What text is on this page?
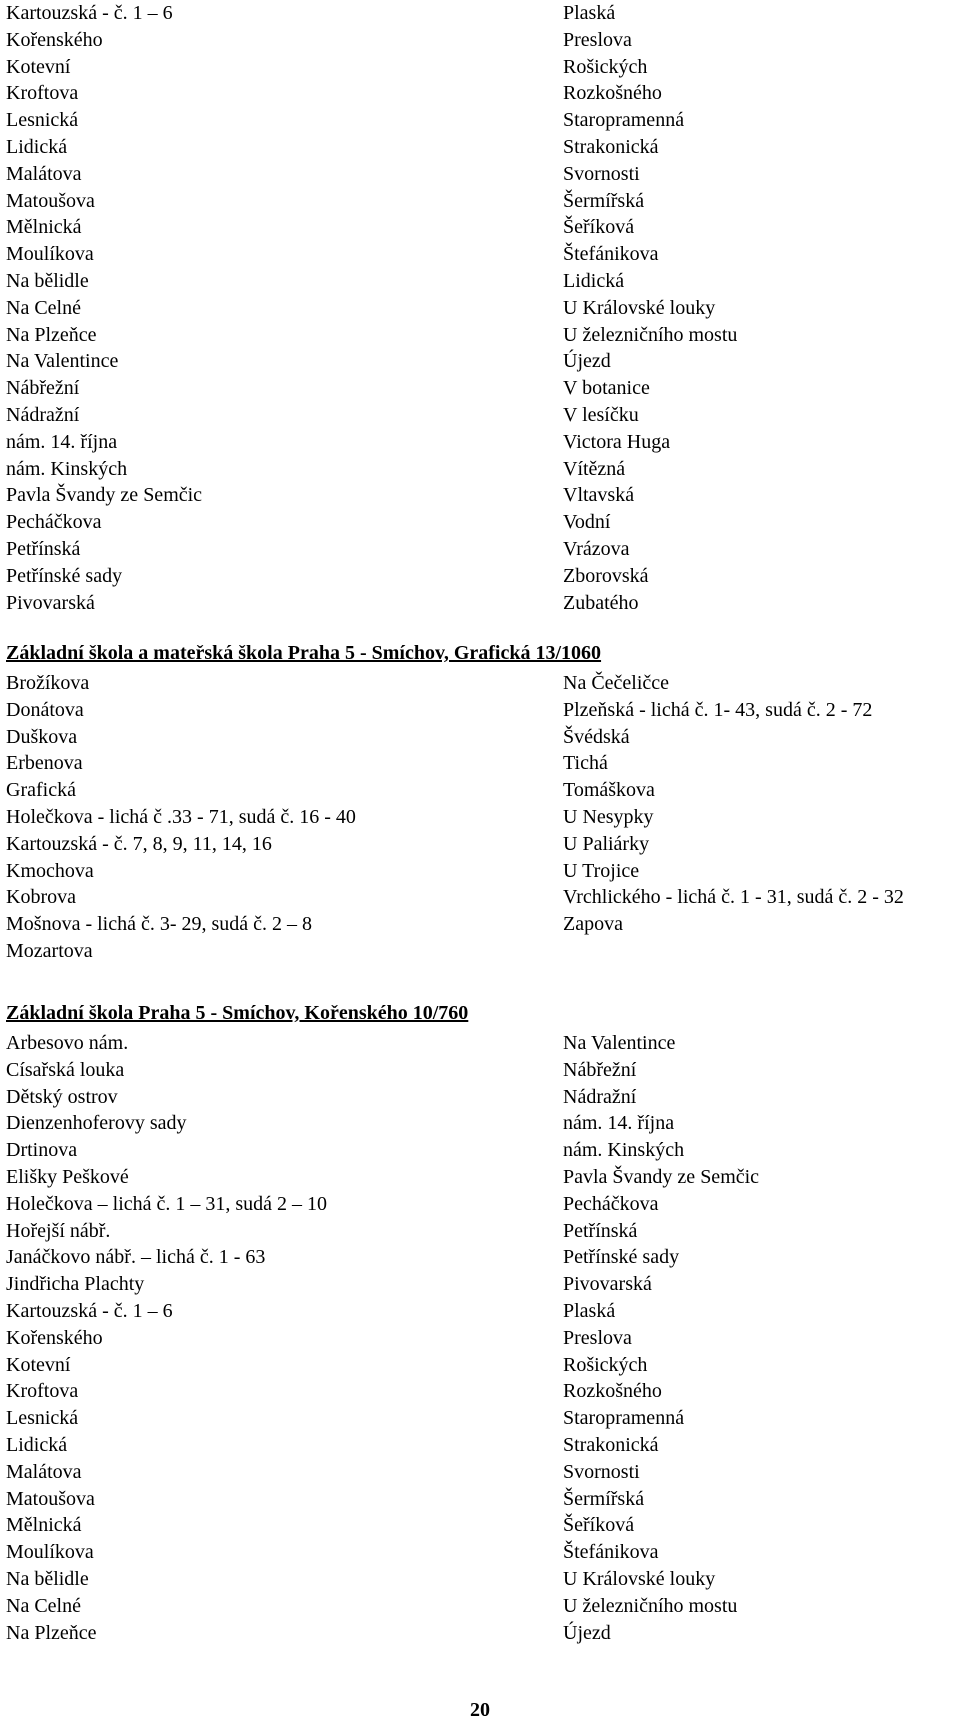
Kartouzská - č. 1 – 6
Kořenského
Kotevní
Kroftova
Lesnická
Lidická
Malátova
Matoušova
Mělnická
Moulíkova
Na bělidle
Na Celné
Na Plzeňce
Na Valentince
Nábřežní
Nádražní
nám. 14. října
nám. Kinských
Pavla Švandy ze Semčic
Pecháčkova
Petřínská
Petřínské sady
Pivovarská
Plaská
Preslova
Rošických
Rozkošného
Staropramenná
Strakonická
Svornosti
Šermířská
Šeříková
Štefánikova
Lidická
U Královské louky
U železničního mostu
Újezd
V botanice
V lesíčku
Victora Huga
Vítězná
Vltavská
Vodní
Vrázova
Zborovská
Zubatého
Základní škola a mateřská škola Praha 5 - Smíchov, Grafická 13/1060
Brožíkova
Donátova
Duškova
Erbenova
Grafická
Holečkova - lichá č .33 - 71, sudá č. 16 - 40
Kartouzská - č. 7, 8, 9, 11, 14, 16
Kmochova
Kobrova
Mošnova - lichá č. 3- 29, sudá č. 2 – 8
Mozartova
Na Čečeličce
Plzeňská - lichá č. 1- 43, sudá č. 2 - 72
Švédská
Tichá
Tomáškova
U Nesypky
U Paliárky
U Trojice
Vrchlického - lichá č. 1 - 31, sudá č. 2 - 32
Zapova
Základní škola Praha 5 - Smíchov, Kořenského 10/760
Arbesovo nám.
Císařská louka
Dětský ostrov
Dienzenhoferovy sady
Drtinova
Elišky Peškové
Holečkova – lichá č. 1 – 31, sudá 2 – 10
Hořejší nábř.
Janáčkovo nábř. – lichá č. 1 - 63
Jindřicha Plachty
Kartouzská - č. 1 – 6
Kořenského
Kotevní
Kroftova
Lesnická
Lidická
Malátova
Matoušova
Mělnická
Moulíkova
Na bělidle
Na Celné
Na Plzeňce
Na Valentince
Nábřežní
Nádražní
nám. 14. října
nám. Kinských
Pavla Švandy ze Semčic
Pecháčkova
Petřínská
Petřínské sady
Pivovarská
Plaská
Preslova
Rošických
Rozkošného
Staropramenná
Strakonická
Svornosti
Šermířská
Šeříková
Štefánikova
U Královské louky
U železničního mostu
Újezd
20
